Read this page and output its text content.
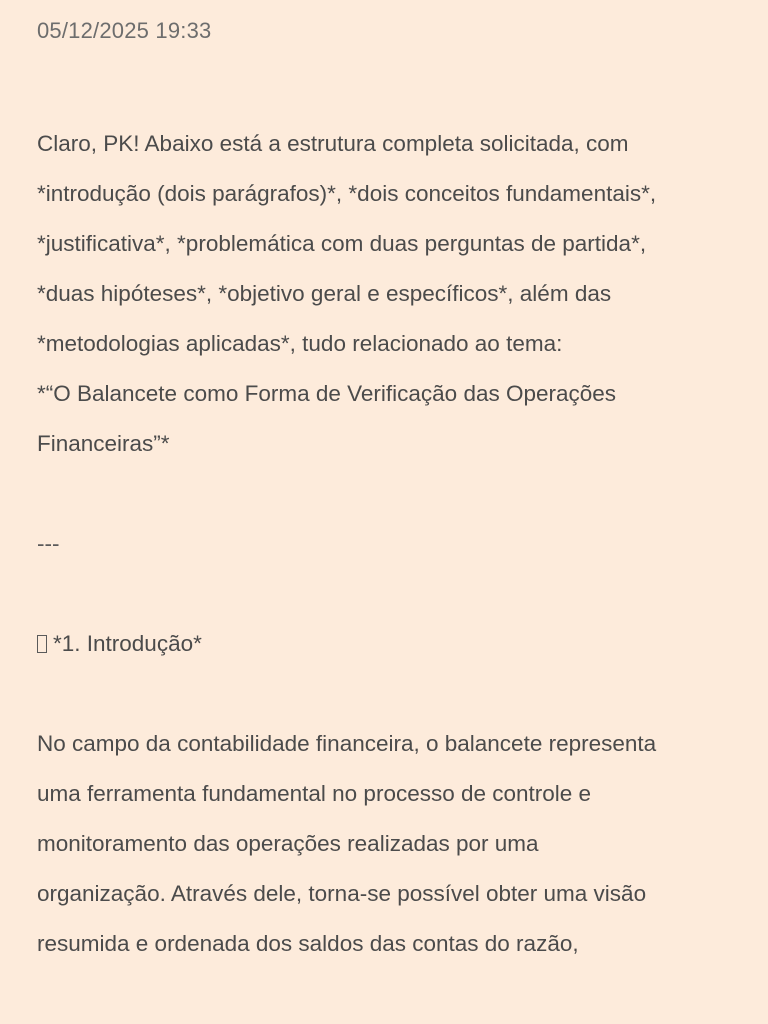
05/12/2025 19:33
Claro, PK! Abaixo está a estrutura completa solicitada, com
*introdução (dois parágrafos)*, *dois conceitos fundamentais*,
*justificativa*, *problemática com duas perguntas de partida*,
*duas hipóteses*, *objetivo geral e específicos*, além das
*metodologias aplicadas*, tudo relacionado ao tema:
*“O Balancete como Forma de Verificação das Operações
Financeiras”*
---
*1. Introdução*
No campo da contabilidade financeira, o balancete representa
uma ferramenta fundamental no processo de controle e
monitoramento das operações realizadas por uma
organização. Através dele, torna-se possível obter uma visão
resumida e ordenada dos saldos das contas do razão,
